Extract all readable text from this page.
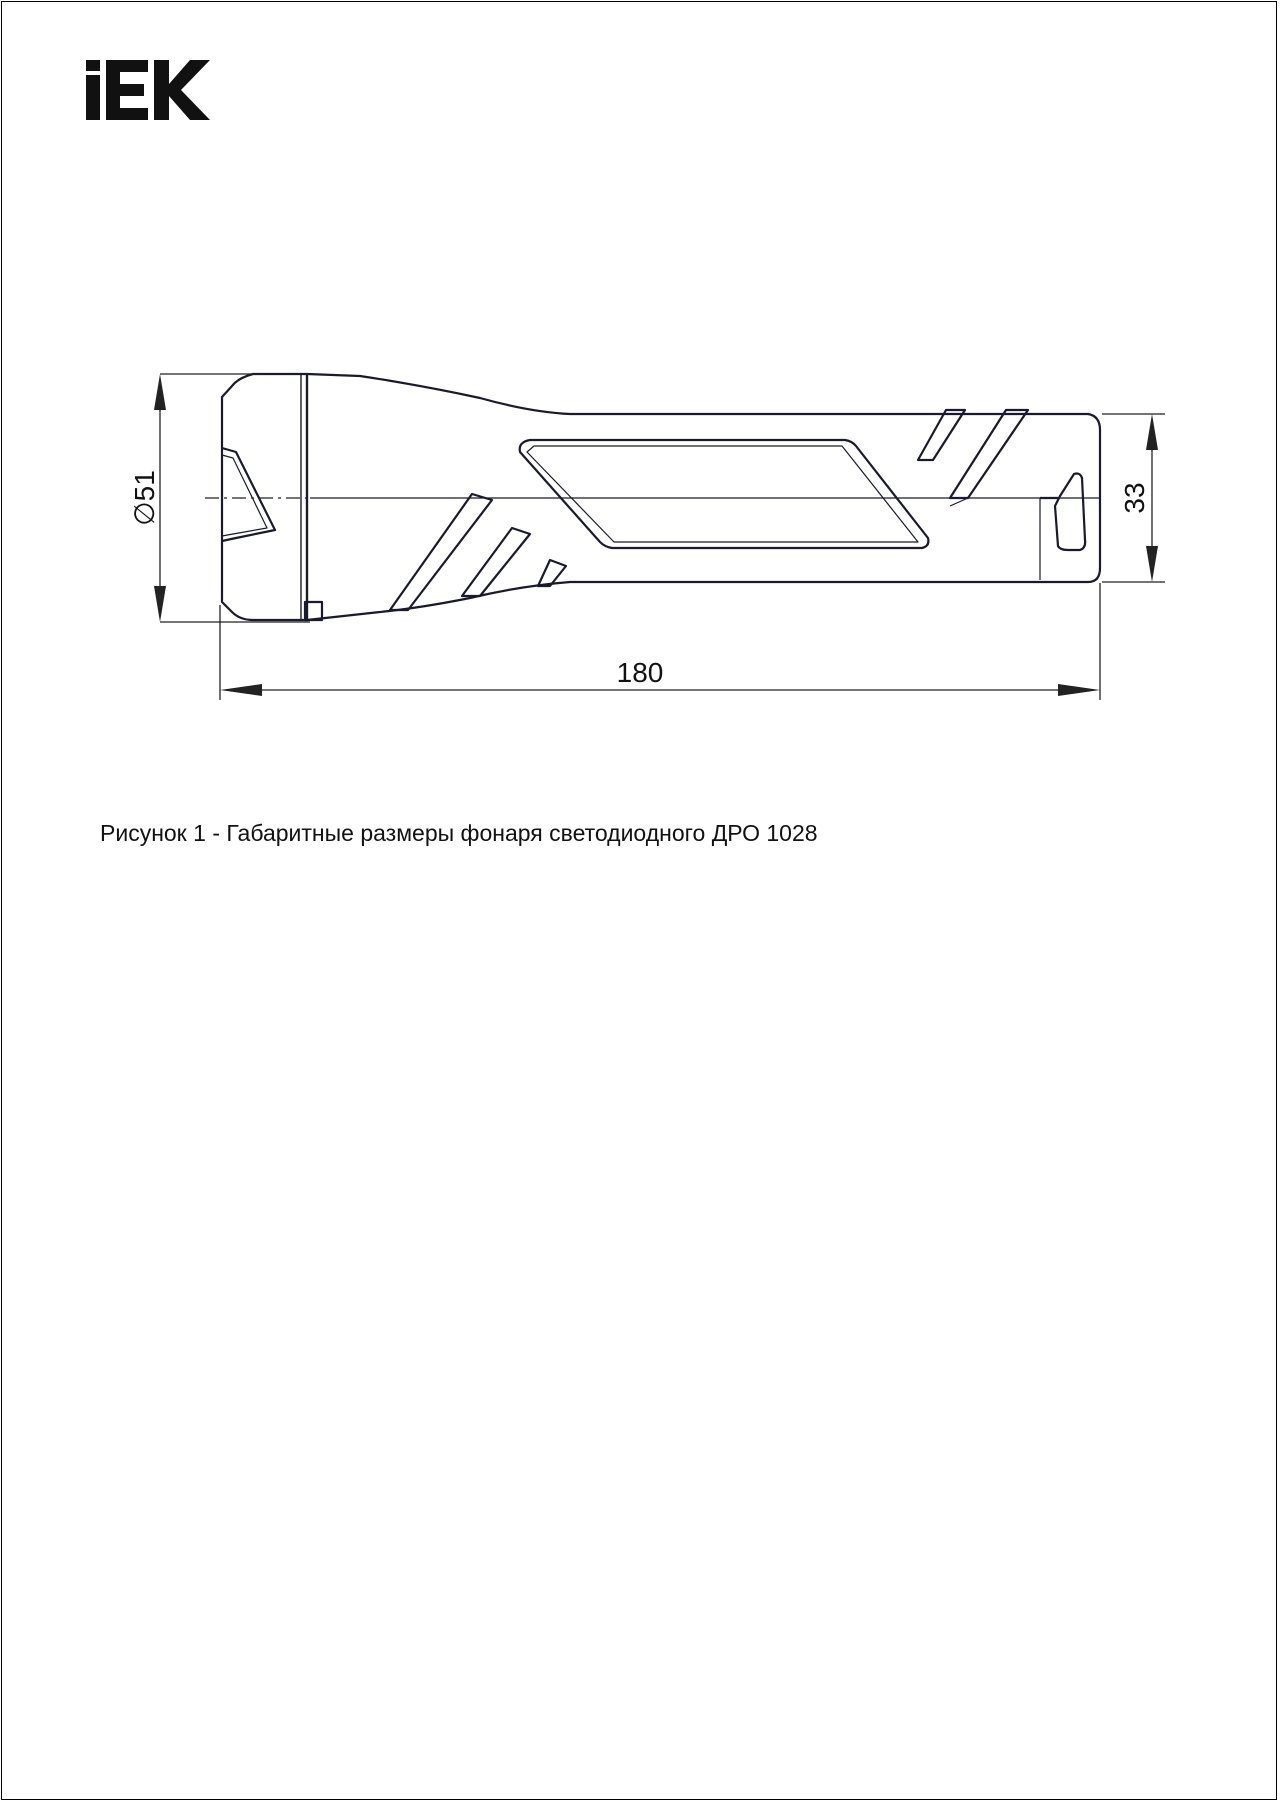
∅51
180
33
Рисунок 1 - Габаритные размеры фонаря светодиодного ДРО 1028
